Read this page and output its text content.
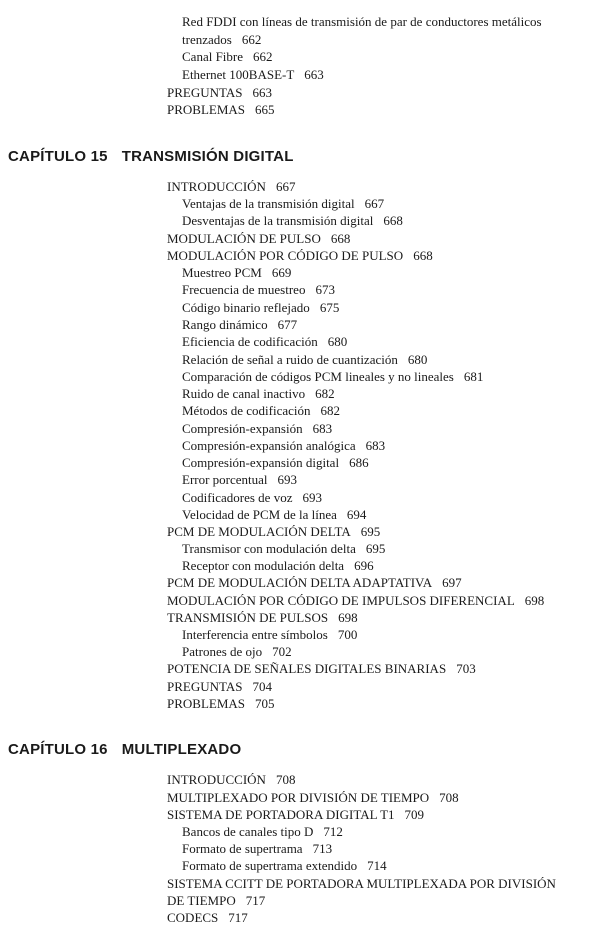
Red FDDI con líneas de transmisión de par de conductores metálicos
trenzados 662
Canal Fibre 662
Ethernet 100BASE-T 663
PREGUNTAS 663
PROBLEMAS 665
CAPÍTULO 15 TRANSMISIÓN DIGITAL
INTRODUCCIÓN 667
Ventajas de la transmisión digital 667
Desventajas de la transmisión digital 668
MODULACIÓN DE PULSO 668
MODULACIÓN POR CÓDIGO DE PULSO 668
Muestreo PCM 669
Frecuencia de muestreo 673
Código binario reflejado 675
Rango dinámico 677
Eficiencia de codificación 680
Relación de señal a ruido de cuantización 680
Comparación de códigos PCM lineales y no lineales 681
Ruido de canal inactivo 682
Métodos de codificación 682
Compresión-expansión 683
Compresión-expansión analógica 683
Compresión-expansión digital 686
Error porcentual 693
Codificadores de voz 693
Velocidad de PCM de la línea 694
PCM DE MODULACIÓN DELTA 695
Transmisor con modulación delta 695
Receptor con modulación delta 696
PCM DE MODULACIÓN DELTA ADAPTATIVA 697
MODULACIÓN POR CÓDIGO DE IMPULSOS DIFERENCIAL 698
TRANSMISIÓN DE PULSOS 698
Interferencia entre símbolos 700
Patrones de ojo 702
POTENCIA DE SEÑALES DIGITALES BINARIAS 703
PREGUNTAS 704
PROBLEMAS 705
CAPÍTULO 16 MULTIPLEXADO
INTRODUCCIÓN 708
MULTIPLEXADO POR DIVISIÓN DE TIEMPO 708
SISTEMA DE PORTADORA DIGITAL T1 709
Bancos de canales tipo D 712
Formato de supertrama 713
Formato de supertrama extendido 714
SISTEMA CCITT DE PORTADORA MULTIPLEXADA POR DIVISIÓN
DE TIEMPO 717
CODECS 717
